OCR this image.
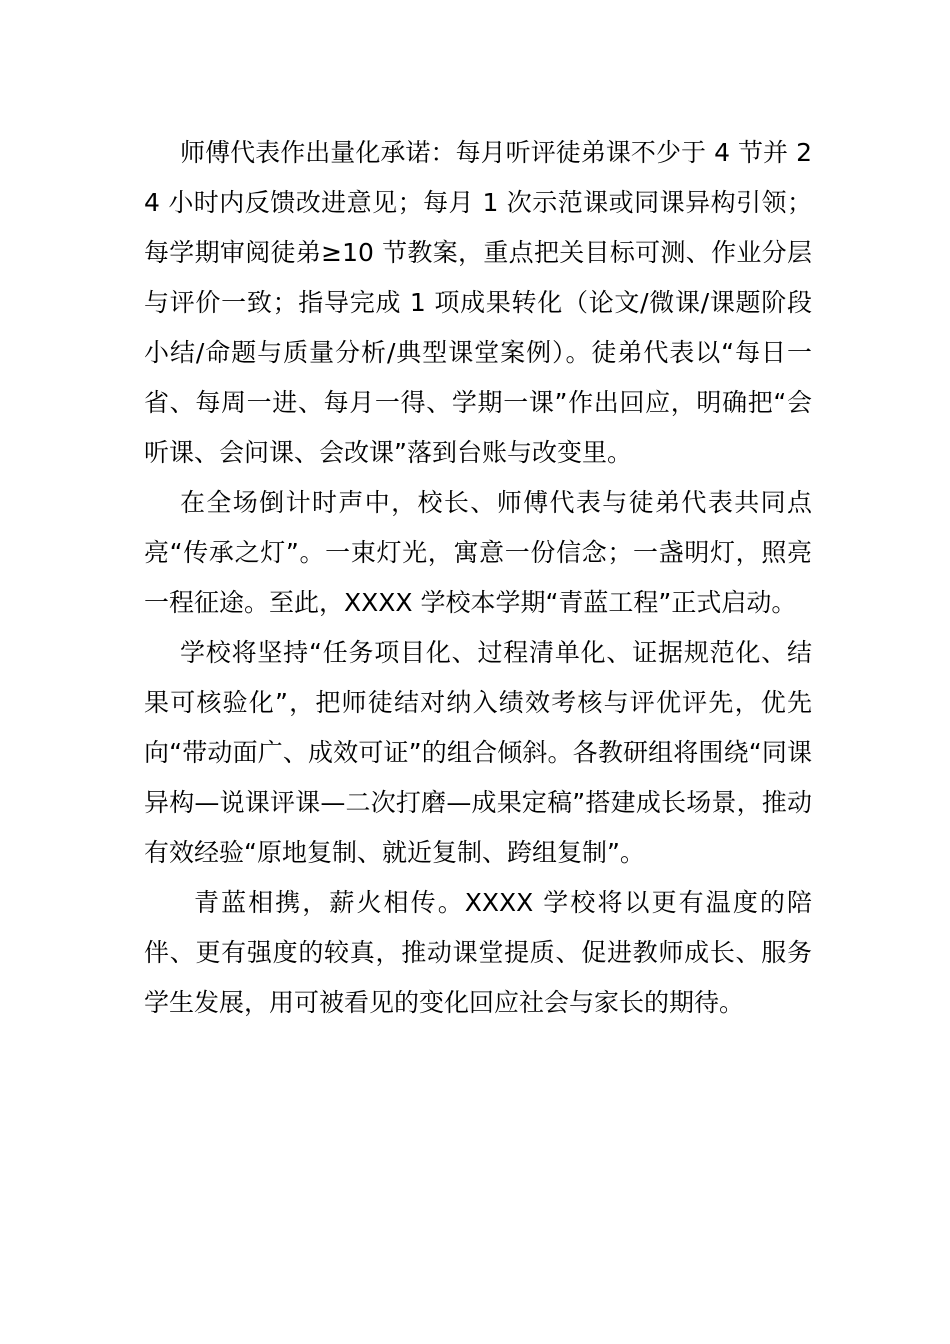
师傅代表作出量化承诺：每月听评徒弟课不少于 4 节并 24 小时内反馈改进意见；每月 1 次示范课或同课异构引领；每学期审阅徒弟≥10 节教案，重点把关目标可测、作业分层与评价一致；指导完成 1 项成果转化（论文/微课/课题阶段小结/命题与质量分析/典型课堂案例）。徒弟代表以“每日一省、每周一进、每月一得、学期一课”作出回应，明确把“会听课、会问课、会改课”落到台账与改变里。

在全场倒计时声中，校长、师傅代表与徒弟代表共同点亮“传承之灯”。一束灯光，寓意一份信念；一盏明灯，照亮一程征途。至此，XXXX 学校本学期“青蓝工程”正式启动。

学校将坚持“任务项目化、过程清单化、证据规范化、结果可核验化”，把师徒结对纳入绩效考核与评优评先，优先向“带动面广、成效可证”的组合倾斜。各教研组将围绕“同课异构—说课评课—二次打磨—成果定稿”搭建成长场景，推动有效经验“原地复制、就近复制、跨组复制”。

青蓝相携，薪火相传。XXXX 学校将以更有温度的陪伴、更有强度的较真，推动课堂提质、促进教师成长、服务学生发展，用可被看见的变化回应社会与家长的期待。
